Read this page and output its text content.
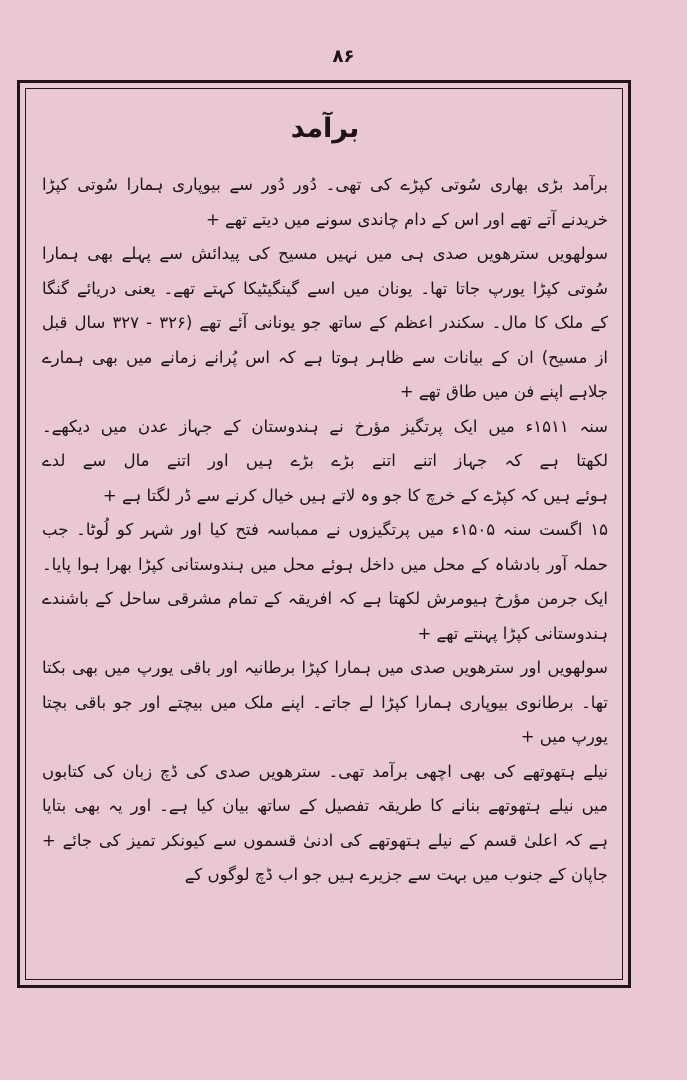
۸۶
برآمد
برآمد بڑی بھاری سُوتی کپڑے کی تھی۔ دُور دُور سے بیوپاری ہمارا سُوتی کپڑا
خریدنے آتے تھے اور اس کے دام چاندی سونے میں دیتے تھے +
سولھویں سترھویں صدی ہی میں نہیں مسیح کی پیدائش سے پہلے بھی ہمارا
سُوتی کپڑا یورپ جاتا تھا۔ یونان میں اسے گینگیٹیکا کہتے تھے۔ یعنی دریائے گنگا
کے ملک کا مال۔ سکندر اعظم کے ساتھ جو یونانی آئے تھے (۳۲۶ - ۳۲۷ سال قبل
از مسیح) ان کے بیانات سے ظاہر ہوتا ہے کہ اس پُرانے زمانے میں بھی ہمارے
جلاہے اپنے فن میں طاق تھے +
سنہ ۱۵۱۱ء میں ایک پرتگیز مؤرخ نے ہندوستان کے جہاز عدن میں دیکھے۔
لکھتا ہے کہ جہاز اتنے اتنے بڑے بڑے ہیں اور اتنے مال سے لدے
ہوئے ہیں کہ کپڑے کے خرچ کا جو وہ لاتے ہیں خیال کرنے سے ڈر لگتا ہے +
۱۵ اگست سنہ ۱۵۰۵ء میں پرتگیزوں نے ممباسہ فتح کیا اور شہر کو لُوٹا۔ جب
حملہ آور بادشاہ کے محل میں داخل ہوئے محل میں ہندوستانی کپڑا بھرا ہوا پایا۔
ایک جرمن مؤرخ ہیومرش لکھتا ہے کہ افریقہ کے تمام مشرقی ساحل کے باشندے
ہندوستانی کپڑا پہنتے تھے +
سولھویں اور سترھویں صدی میں ہمارا کپڑا برطانیہ اور باقی یورپ میں بھی بکتا
تھا۔ برطانوی بیوپاری ہمارا کپڑا لے جاتے۔ اپنے ملک میں بیچتے اور جو باقی بچتا
یورپ میں +
نیلے ہتھوتھے کی بھی اچھی برآمد تھی۔ سترھویں صدی کی ڈچ زبان کی کتابوں
میں نیلے ہتھوتھے بنانے کا طریقہ تفصیل کے ساتھ بیان کیا ہے۔ اور یہ بھی بتایا
ہے کہ اعلیٰ قسم کے نیلے ہتھوتھے کی ادنیٰ قسموں سے کیونکر تمیز کی جائے +
جاپان کے جنوب میں بہت سے جزیرے ہیں جو اب ڈچ لوگوں کے
